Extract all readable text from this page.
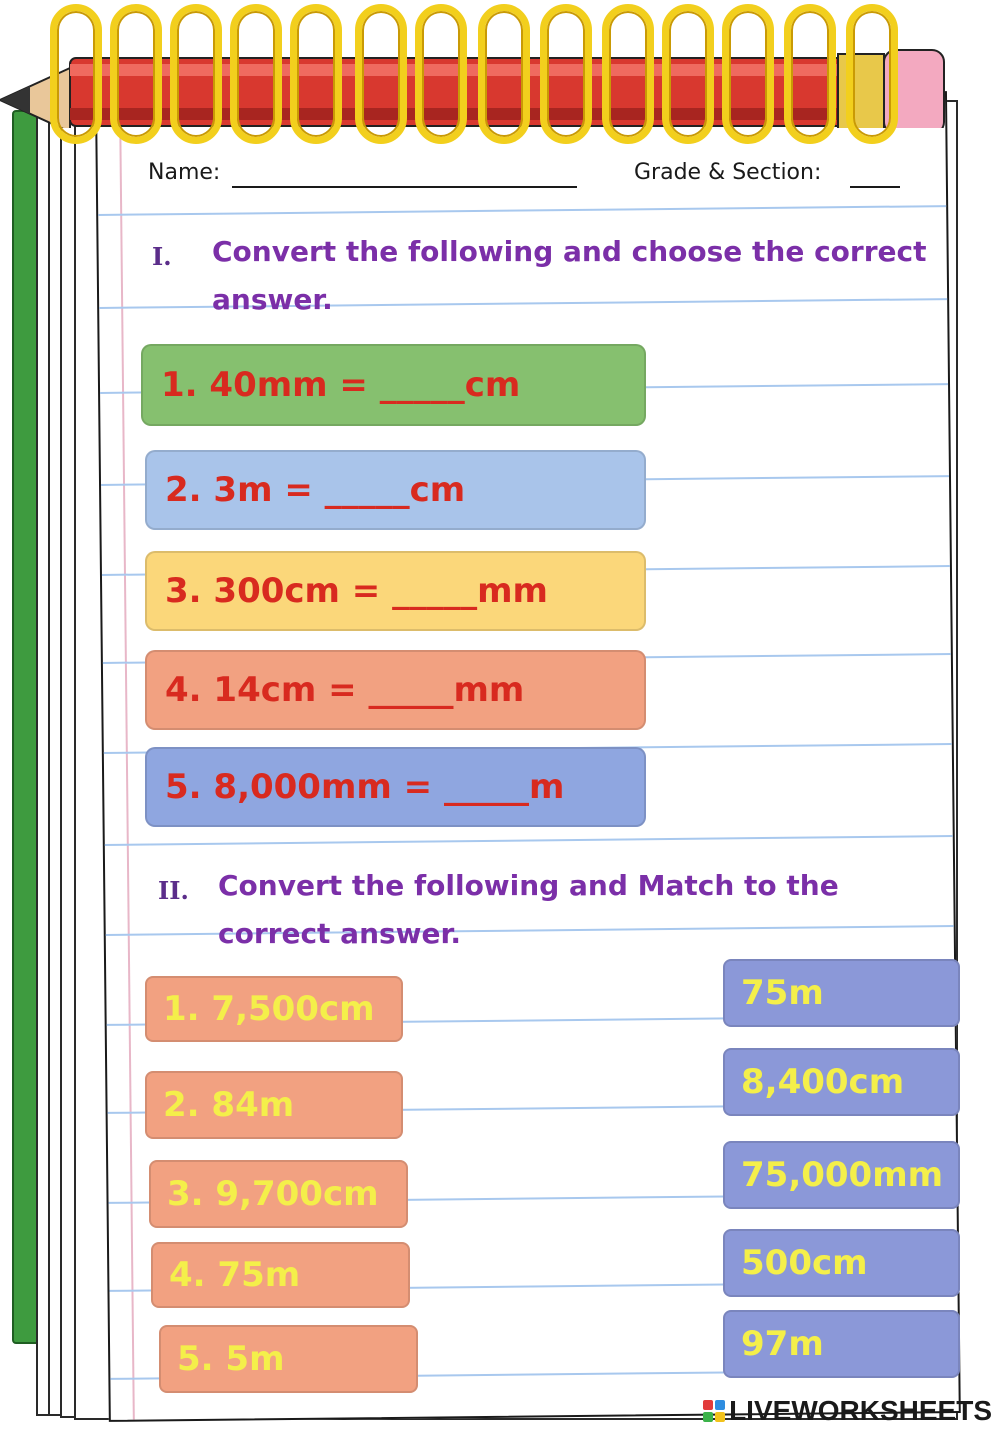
Name:	Grade & Section:
I. Convert the following and choose the correct
answer.
1. 40mm = _____cm
2. 3m = _____cm
3. 300cm = _____mm
4. 14cm = _____mm
5. 8,000mm = _____m
II. Convert the following and Match to the
correct answer.
1. 7,500cm
2. 84m
3. 9,700cm
4. 75m
5. 5m
75m
8,400cm
75,000mm
500cm
97m
LIVEWORKSHEETS
